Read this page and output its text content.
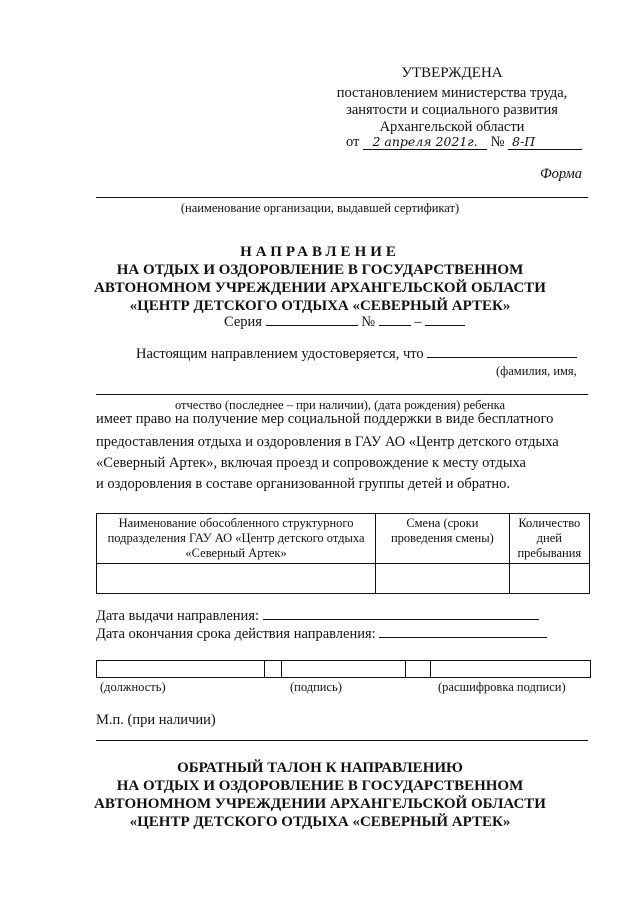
УТВЕРЖДЕНА
постановлением министерства труда,
занятости и социального развития
Архангельской области
от 2 апреля 2021г. № 8-П
Форма
(наименование организации, выдавшей сертификат)
НАПРАВЛЕНИЕ
НА ОТДЫХ И ОЗДОРОВЛЕНИЕ В ГОСУДАРСТВЕННОМ
АВТОНОМНОМ УЧРЕЖДЕНИИ АРХАНГЕЛЬСКОЙ ОБЛАСТИ
«ЦЕНТР ДЕТСКОГО ОТДЫХА «СЕВЕРНЫЙ АРТЕК»
Серия	№	–
Настоящим направлением удостоверяется, что
(фамилия, имя,
отчество (последнее – при наличии), (дата рождения) ребенка
имеет право на получение мер социальной поддержки в виде бесплатного
предоставления отдыха и оздоровления в ГАУ АО «Центр детского отдыха
«Северный Артек», включая проезд и сопровождение к месту отдыха
и оздоровления в составе организованной группы детей и обратно.
Наименование обособленного структурного подразделения ГАУ АО «Центр детского отдыха «Северный Артек»	Смена (сроки проведения смены)	Количество дней пребывания

Дата выдачи направления:
Дата окончания срока действия направления:

(должность)	(подпись)	(расшифровка подписи)
М.п. (при наличии)
ОБРАТНЫЙ ТАЛОН К НАПРАВЛЕНИЮ
НА ОТДЫХ И ОЗДОРОВЛЕНИЕ В ГОСУДАРСТВЕННОМ
АВТОНОМНОМ УЧРЕЖДЕНИИ АРХАНГЕЛЬСКОЙ ОБЛАСТИ
«ЦЕНТР ДЕТСКОГО ОТДЫХА «СЕВЕРНЫЙ АРТЕК»
